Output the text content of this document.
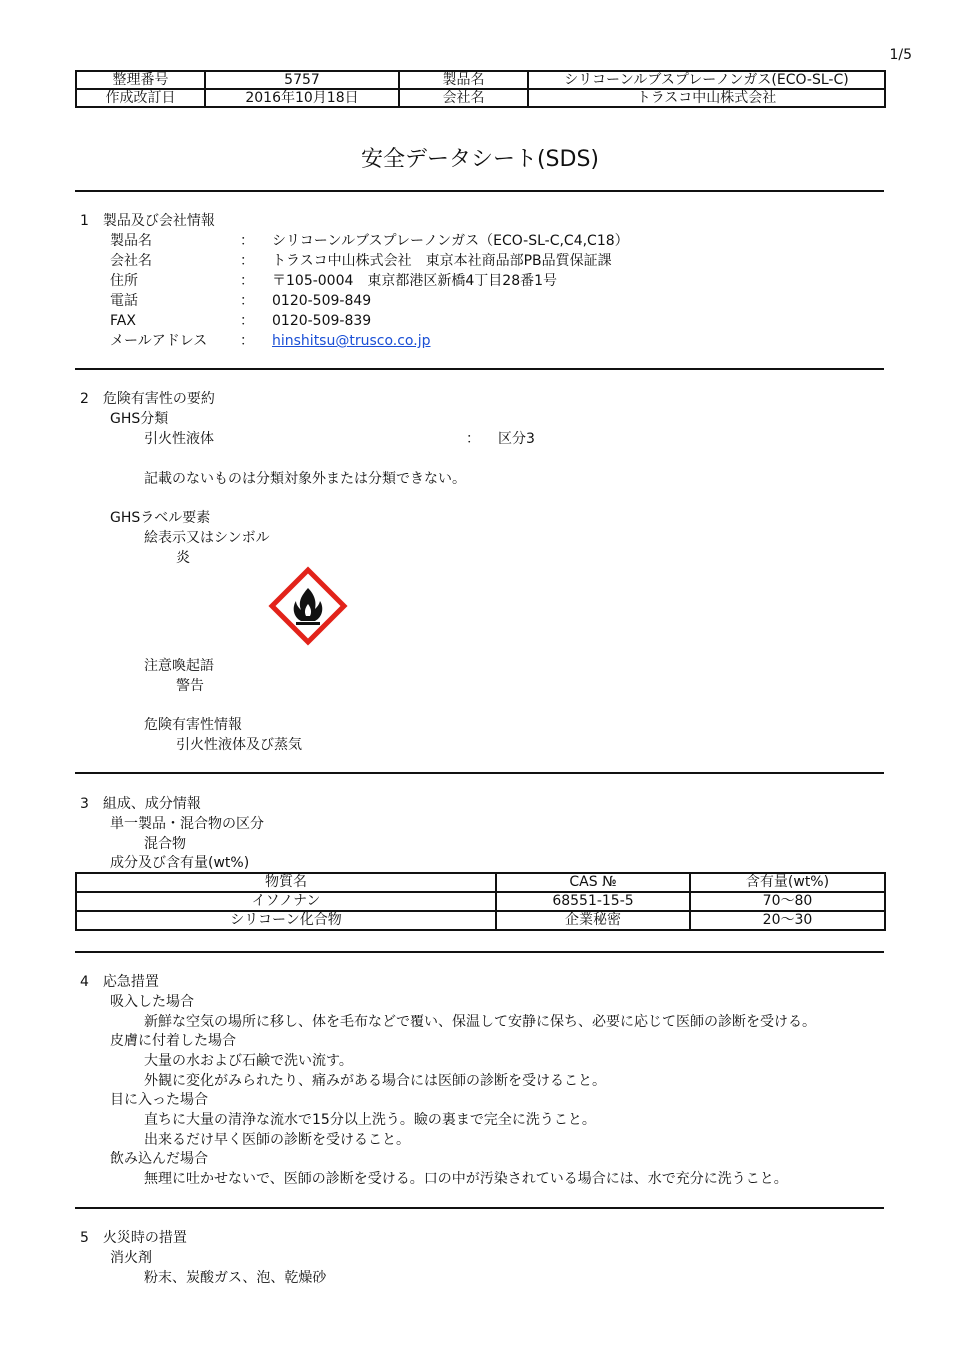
1/5
整理番号	5757	製品名	シリコーンルブスプレーノンガス(ECO-SL-C)
作成改訂日	2016年10月18日	会社名	トラスコ中山株式会社
安全データシート(SDS)
1　製品及び会社情報
製品名	： シリコーンルブスプレーノンガス（ECO-SL-C,C4,C18）
会社名	： トラスコ中山株式会社　東京本社商品部PB品質保証課
住所	： 〒105-0004　東京都港区新橋4丁目28番1号
電話	： 0120-509-849
FAX	： 0120-509-839
メールアドレス ： hinshitsu@trusco.co.jp
2　危険有害性の要約
GHS分類
引火性液体	： 区分3
記載のないものは分類対象外または分類できない。
GHSラベル要素
絵表示又はシンボル
炎
注意喚起語
警告
危険有害性情報
引火性液体及び蒸気
3　組成、成分情報
単一製品・混合物の区分
混合物
成分及び含有量(wt%)
物質名	CAS №	含有量(wt%)
イソノナン	68551-15-5	70～80
シリコーン化合物	企業秘密	20～30
4　応急措置
吸入した場合
新鮮な空気の場所に移し、体を毛布などで覆い、保温して安静に保ち、必要に応じて医師の診断を受ける。
皮膚に付着した場合
大量の水および石鹸で洗い流す。
外観に変化がみられたり、痛みがある場合には医師の診断を受けること。
目に入った場合
直ちに大量の清浄な流水で15分以上洗う。瞼の裏まで完全に洗うこと。
出来るだけ早く医師の診断を受けること。
飲み込んだ場合
無理に吐かせないで、医師の診断を受ける。口の中が汚染されている場合には、水で充分に洗うこと。
5　火災時の措置
消火剤
粉末、炭酸ガス、泡、乾燥砂
